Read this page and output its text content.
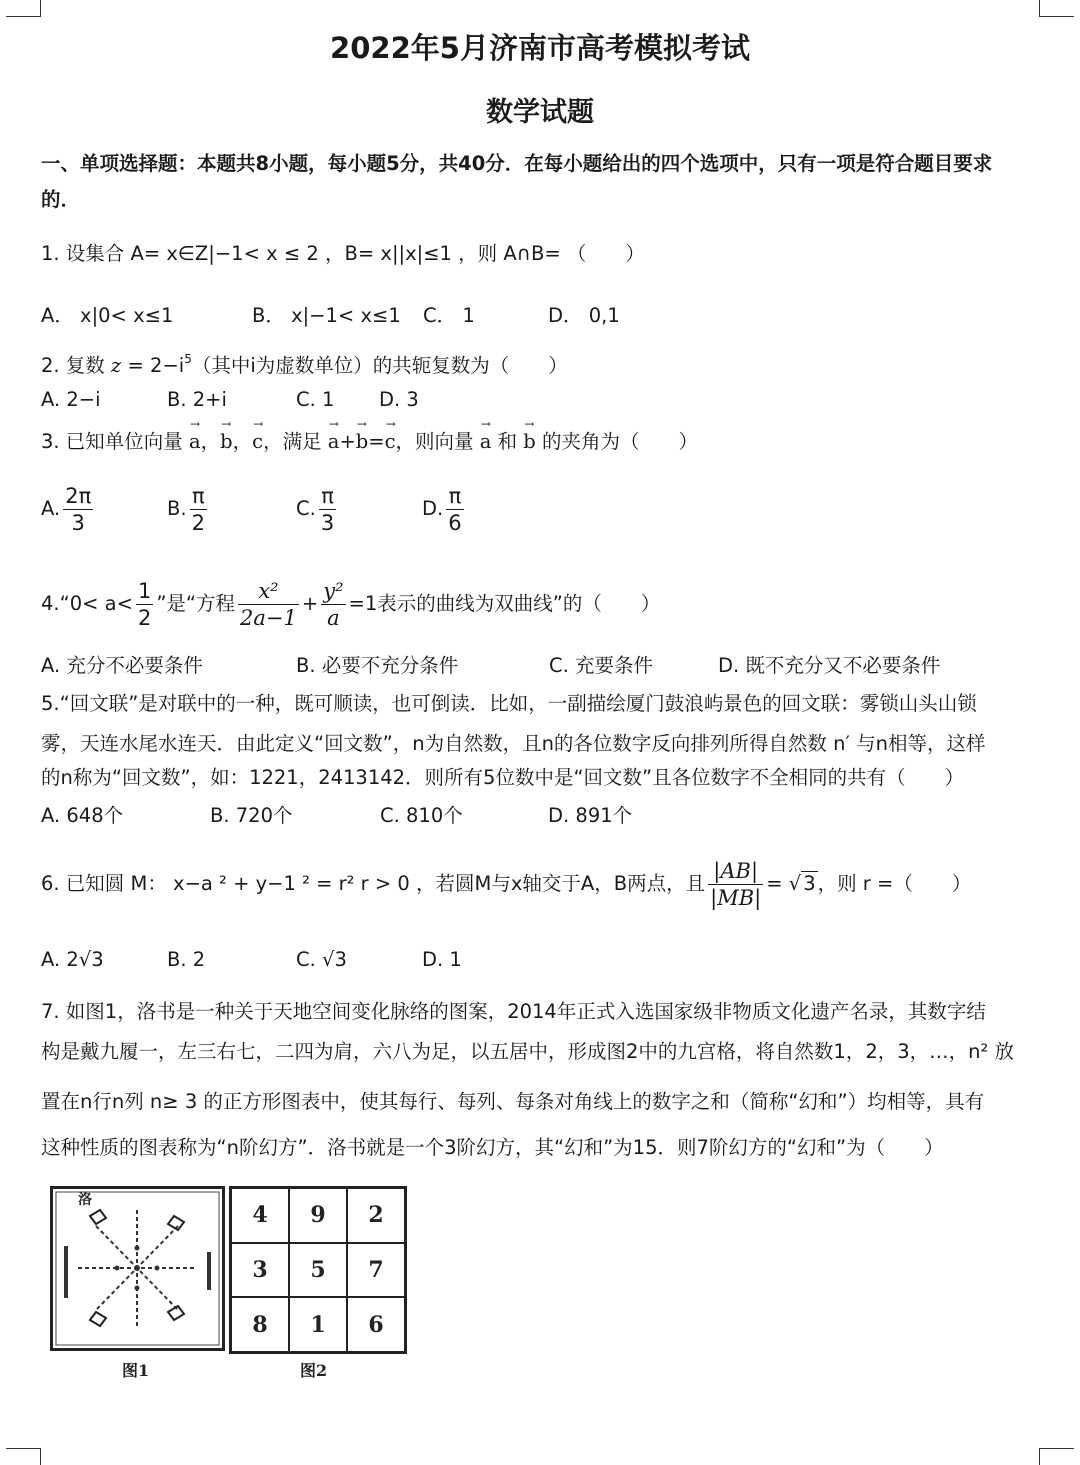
2022年5月济南市高考模拟考试
数学试题
一、单项选择题：本题共8小题，每小题5分，共40分．在每小题给出的四个选项中，只有一项是符合题目要求
的．
1. 设集合 A= x∈Z|−1< x ≤ 2 ，B= x||x|≤1 ，则 A∩B= （　　）
A． x|0< x≤1	B． x|−1< x≤1 C． 1	D． 0,1
2. 复数 $z = 2-i^5$（其中i为虚数单位）的共轭复数为（　　）
A. 2−i	B. 2+i	C. 1 D. 3
3. 已知单位向量 → a，→ b，→ c，满足 → a+→ b=→ c，则向量 → a 和 → b 的夹角为（　　）
A. $\frac{2\pi}{3}$	B. $\frac{\pi}{2}$	C. $\frac{\pi}{3}$	D. $\frac{\pi}{6}$
4.“0< $a< \frac{1}{2}$ ”是“方程 $\frac{\text{x²}}{2a-1} + \frac{\text{y²}}{a} =1$表示的曲线为双曲线”的（　　）
A. 充分不必要条件	B. 必要不充分条件	C. 充要条件	D. 既不充分又不必要条件
5.“回文联”是对联中的一种，既可顺读，也可倒读．比如，一副描绘厦门鼓浪屿景色的回文联：雾锁山头山锁
雾，天连水尾水连天．由此定义“回文数”，n为自然数，且n的各位数字反向排列所得自然数 n′ 与n相等，这样
的n称为“回文数”，如：1221，2413142．则所有5位数中是“回文数”且各位数字不全相同的共有（　　）
A. 648个	B. 720个	C. 810个	D. 891个
6. 已知圆 M： x−a ² + y−1 ² = r² r > 0 ，若圆M与x轴交于A，B两点，且 $\frac{|AB|}{|MB|}$ = √ 3 ，则 r =（　　）
A. 2√3	B. 2	C. √3	D. 1
7. 如图1，洛书是一种关于天地空间变化脉络的图案，2014年正式入选国家级非物质文化遗产名录，其数字结
构是戴九履一，左三右七，二四为肩，六八为足，以五居中，形成图2中的九宫格，将自然数1，2，3，…，n² 放
置在n行n列 n≥ 3 的正方形图表中，使其每行、每列、每条对角线上的数字之和（简称“幻和”）均相等，具有
这种性质的图表称为“n阶幻方”．洛书就是一个3阶幻方，其“幻和”为15．则7阶幻方的“幻和”为（　　）
洛
图1
4	9	2
3	5	7
8	1	6
图2
